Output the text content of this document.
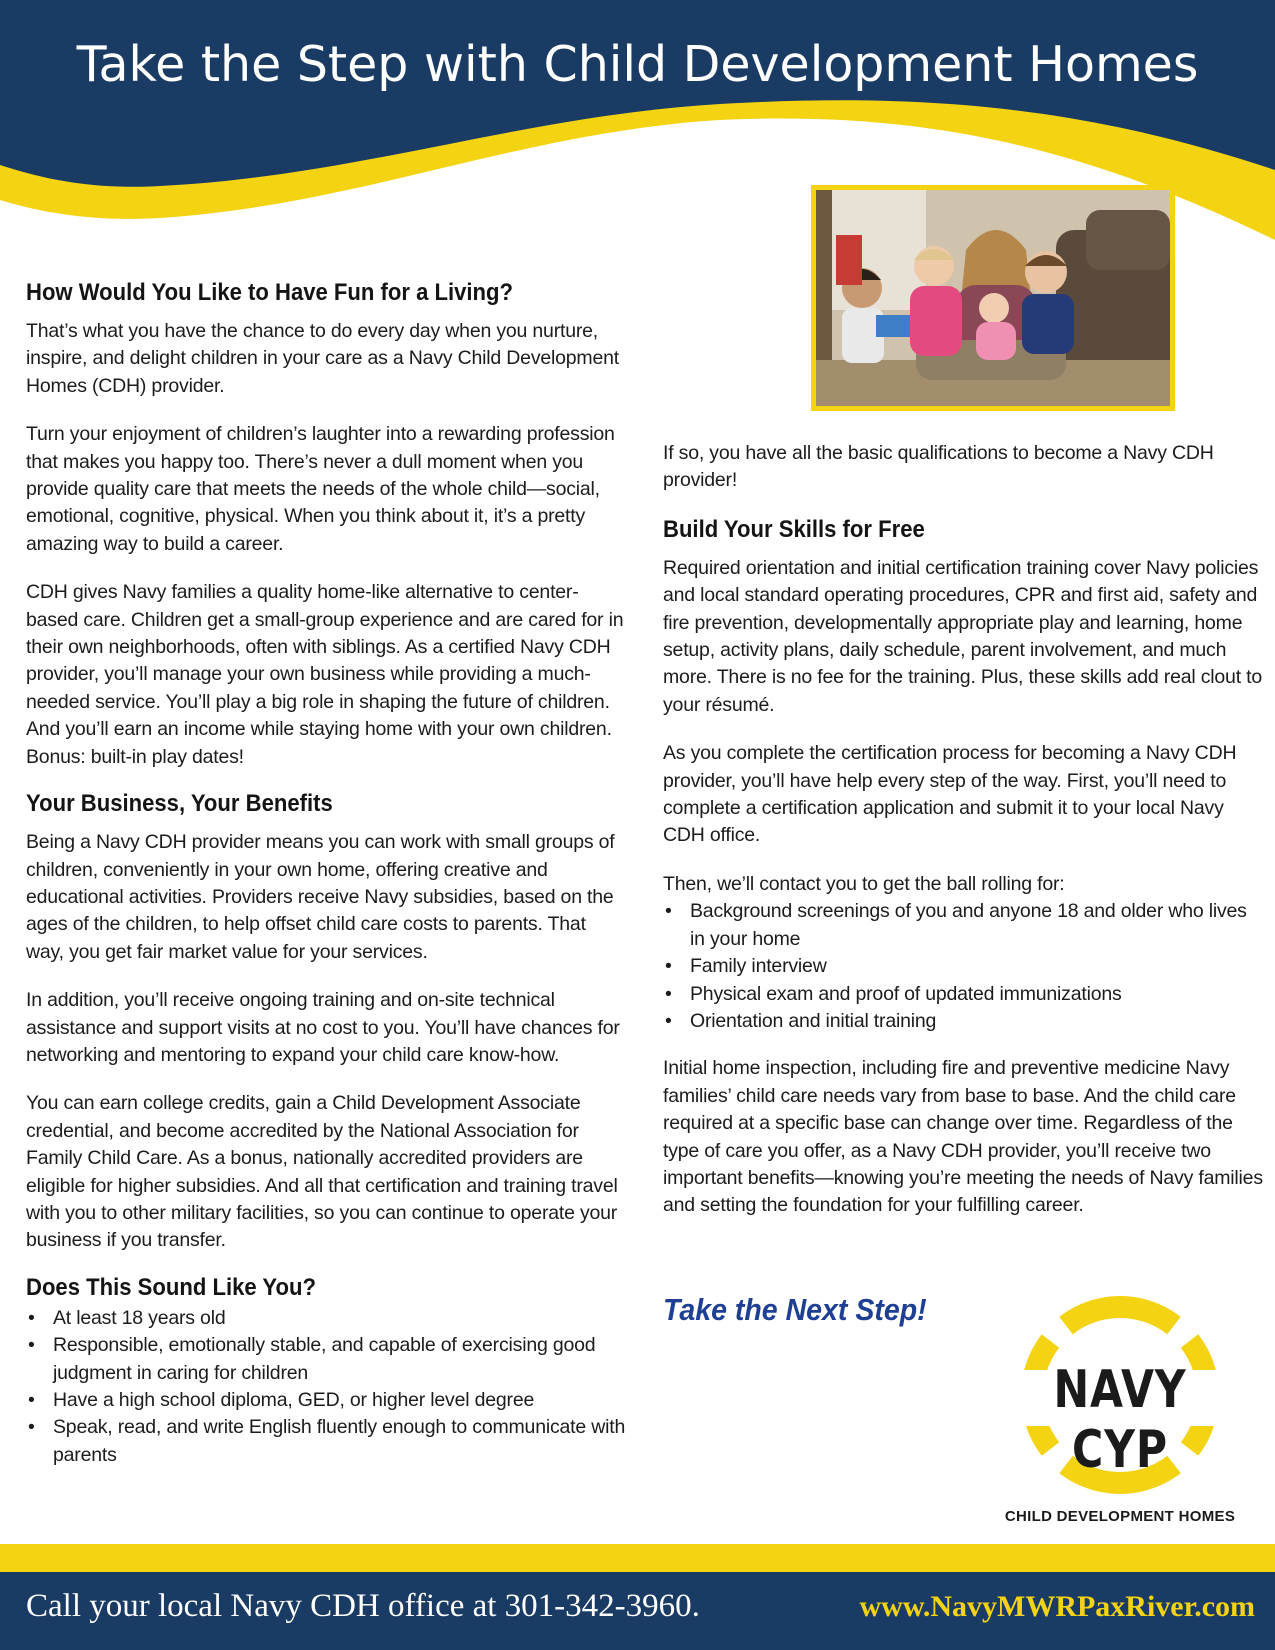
Take the Step with Child Development Homes
How Would You Like to Have Fun for a Living?

That’s what you have the chance to do every day when you nurture, inspire, and delight children in your care as a Navy Child Development Homes (CDH) provider.

Turn your enjoyment of children’s laughter into a rewarding profession that makes you happy too. There’s never a dull moment when you provide quality care that meets the needs of the whole child—social, emotional, cognitive, physical. When you think about it, it’s a pretty amazing way to build a career.

CDH gives Navy families a quality home-like alternative to center-based care. Children get a small-group experience and are cared for in their own neighborhoods, often with siblings. As a certified Navy CDH provider, you’ll manage your own business while providing a much-needed service. You’ll play a big role in shaping the future of children. And you’ll earn an income while staying home with your own children. Bonus: built-in play dates!

Your Business, Your Benefits

Being a Navy CDH provider means you can work with small groups of children, conveniently in your own home, offering creative and educational activities. Providers receive Navy subsidies, based on the ages of the children, to help offset child care costs to parents. That way, you get fair market value for your services.

In addition, you’ll receive ongoing training and on-site technical assistance and support visits at no cost to you. You’ll have chances for networking and mentoring to expand your child care know-how.

You can earn college credits, gain a Child Development Associate credential, and become accredited by the National Association for Family Child Care. As a bonus, nationally accredited providers are eligible for higher subsidies. And all that certification and training travel with you to other military facilities, so you can continue to operate your business if you transfer.

Does This Sound Like You?
• At least 18 years old
• Responsible, emotionally stable, and capable of exercising good judgment in caring for children
• Have a high school diploma, GED, or higher level degree
• Speak, read, and write English fluently enough to communicate with parents

If so, you have all the basic qualifications to become a Navy CDH provider!

Build Your Skills for Free

Required orientation and initial certification training cover Navy policies and local standard operating procedures, CPR and first aid, safety and fire prevention, developmentally appropriate play and learning, home setup, activity plans, daily schedule, parent involvement, and much more. There is no fee for the training. Plus, these skills add real clout to your résumé.

As you complete the certification process for becoming a Navy CDH provider, you’ll have help every step of the way. First, you’ll need to complete a certification application and submit it to your local Navy CDH office.

Then, we’ll contact you to get the ball rolling for:

• Background screenings of you and anyone 18 and older who lives in your home
• Family interview
• Physical exam and proof of updated immunizations
• Orientation and initial training

Initial home inspection, including fire and preventive medicine Navy families’ child care needs vary from base to base. And the child care required at a specific base can change over time. Regardless of the type of care you offer, as a Navy CDH provider, you’ll receive two important benefits—knowing you’re meeting the needs of Navy families and setting the foundation for your fulfilling career.

Take the Next Step!
NAVY CYP
CHILD DEVELOPMENT HOMES
Call your local Navy CDH office at 301-342-3960.	www.NavyMWRPaxRiver.com
